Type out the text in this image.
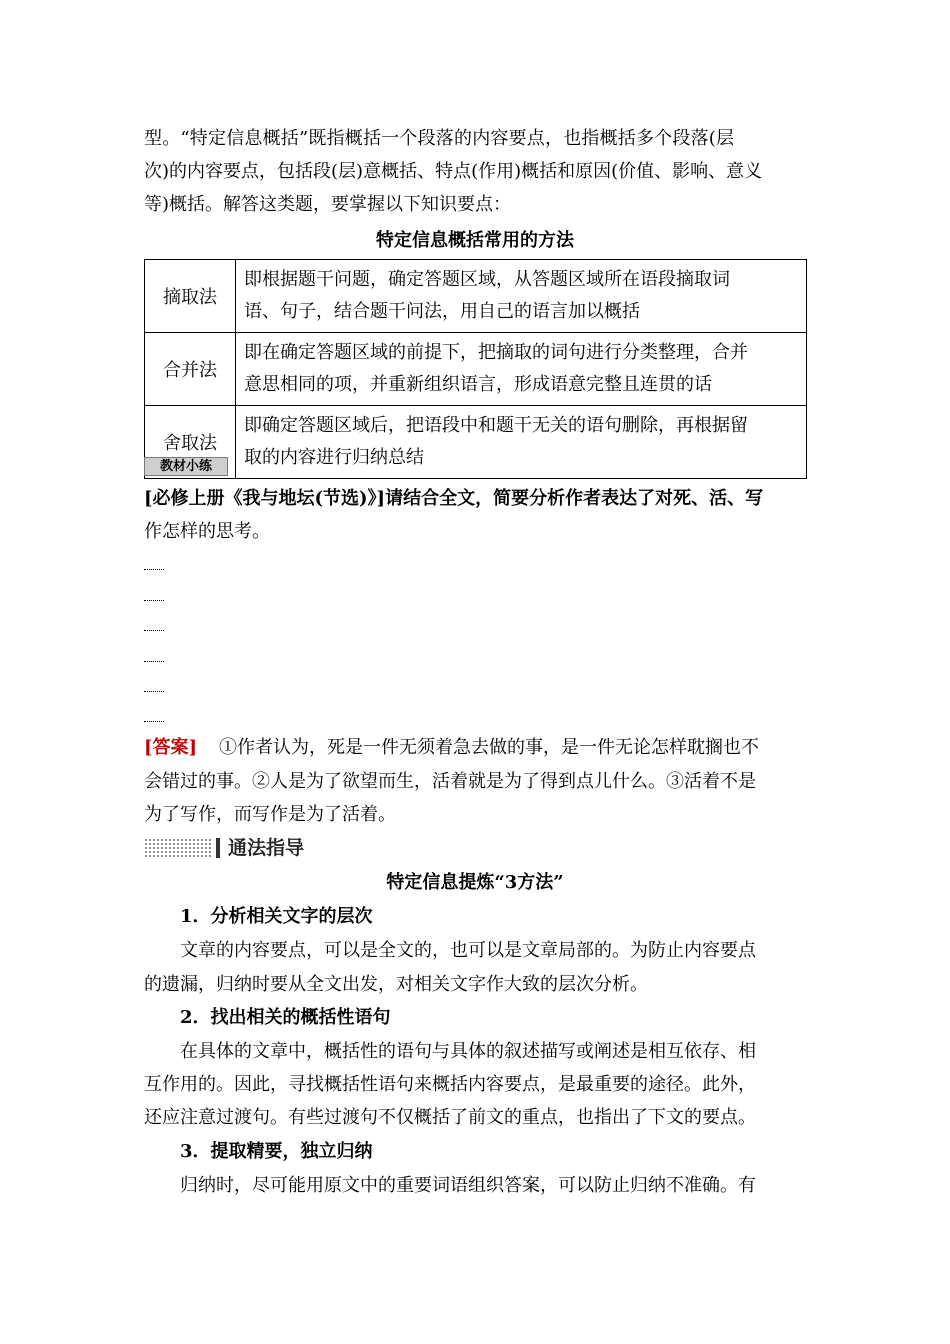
型。“特定信息概括”既指概括一个段落的内容要点，也指概括多个段落(层
次)的内容要点，包括段(层)意概括、特点(作用)概括和原因(价值、影响、意义
等)概括。解答这类题，要掌握以下知识要点：
特定信息概括常用的方法
摘取法	即根据题干问题，确定答题区域，从答题区域所在语段摘取词
语、句子，结合题干问法，用自己的语言加以概括

合并法	即在确定答题区域的前提下，把摘取的词句进行分类整理，合并
意思相同的项，并重新组织语言，形成语意完整且连贯的话

舍取法	即确定答题区域后，把语段中和题干无关的语句删除，再根据留
取的内容进行归纳总结
教材小练
[必修上册《我与地坛(节选)》]请结合全文，简要分析作者表达了对死、活、写
作怎样的思考。
[答案] ①作者认为，死是一件无须着急去做的事，是一件无论怎样耽搁也不
会错过的事。②人是为了欲望而生，活着就是为了得到点儿什么。③活着不是
为了写作，而写作是为了活着。
通法指导
特定信息提炼“3方法”
1．分析相关文字的层次
文章的内容要点，可以是全文的，也可以是文章局部的。为防止内容要点
的遗漏，归纳时要从全文出发，对相关文字作大致的层次分析。
2．找出相关的概括性语句
在具体的文章中，概括性的语句与具体的叙述描写或阐述是相互依存、相
互作用的。因此，寻找概括性语句来概括内容要点，是最重要的途径。此外，
还应注意过渡句。有些过渡句不仅概括了前文的重点，也指出了下文的要点。
3．提取精要，独立归纳
归纳时，尽可能用原文中的重要词语组织答案，可以防止归纳不准确。有
